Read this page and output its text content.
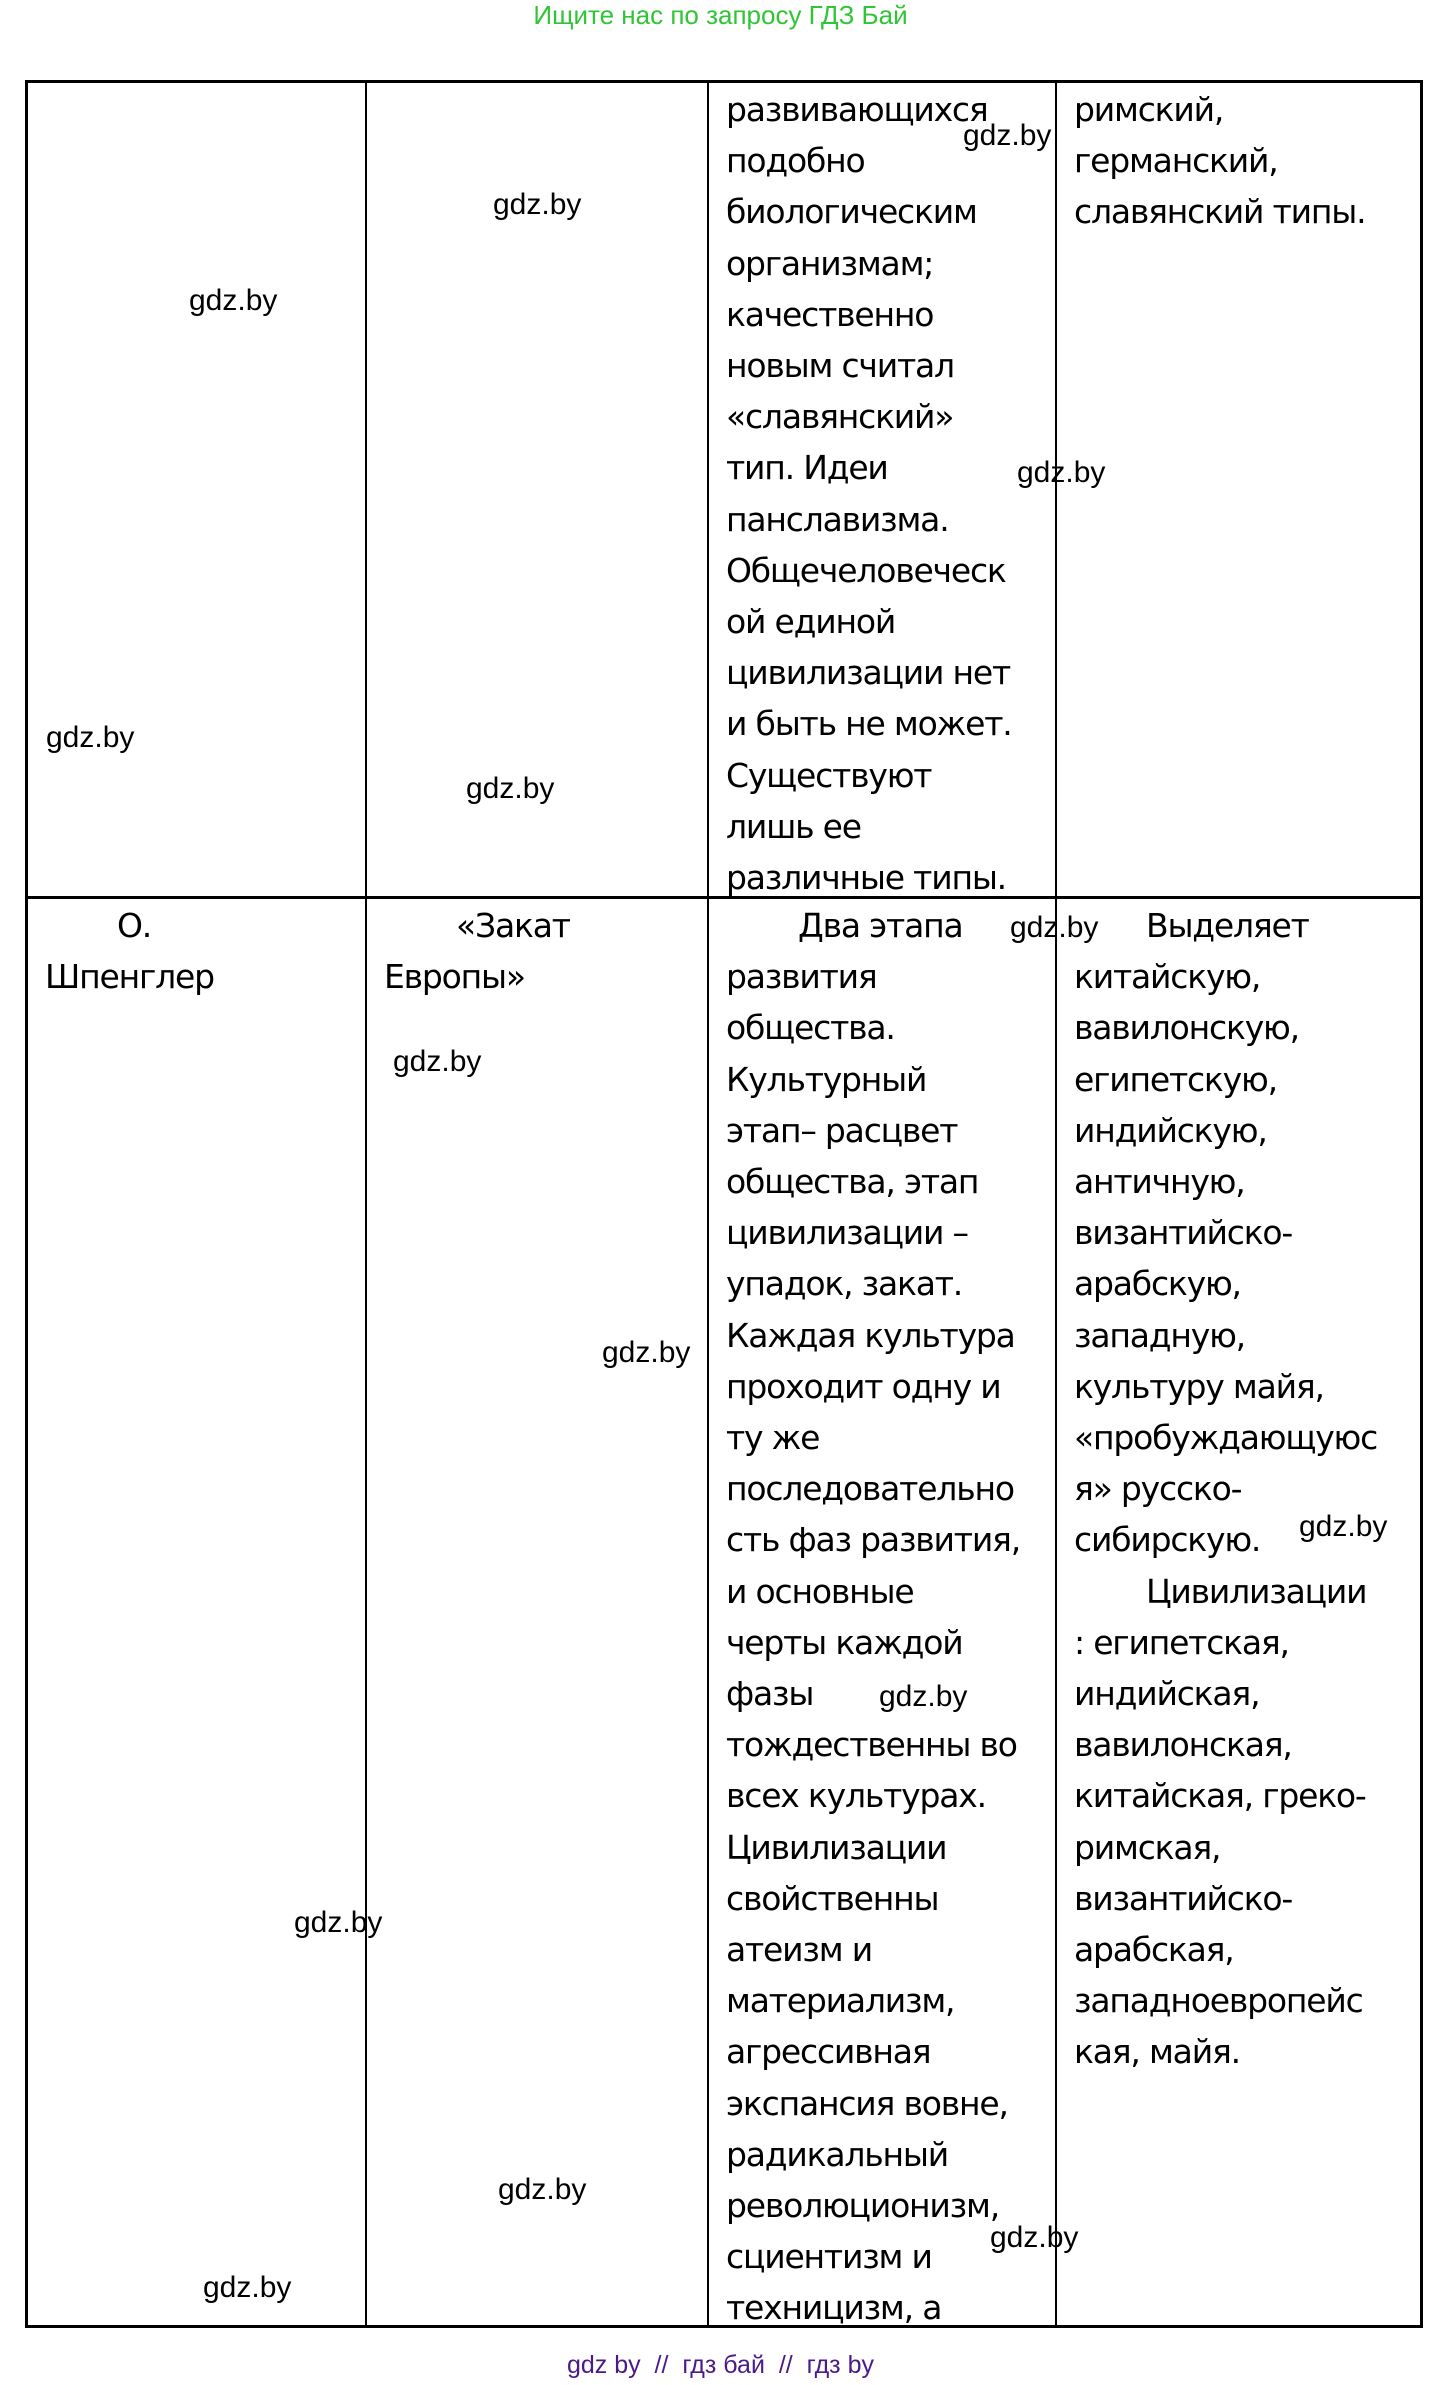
Ищите нас по запросу ГДЗ Бай
развивающихся
подобно
биологическим
организмам;
качественно
новым считал
«славянский»
тип. Идеи
панславизма.
Общечеловеческ
ой единой
цивилизации нет
и быть не может.
Существуют
лишь ее
различные типы.
римский,
германский,
славянский типы.
О.
Шпенглер
«Закат
Европы»
Два этапа
развития
общества.
Культурный
этап– расцвет
общества, этап
цивилизации –
упадок, закат.
Каждая культура
проходит одну и
ту же
последовательно
сть фаз развития,
и основные
черты каждой
фазы
тождественны во
всех культурах.
Цивилизации
свойственны
атеизм и
материализм,
агрессивная
экспансия вовне,
радикальный
революционизм,
сциентизм и
техницизм, а
Выделяет
китайскую,
вавилонскую,
египетскую,
индийскую,
античную,
византийско-
арабскую,
западную,
культуру майя,
«пробуждающуюс
я» русско-
сибирскую.
Цивилизации
: египетская,
индийская,
вавилонская,
китайская, греко-
римская,
византийско-
арабская,
западноевропейс
кая, майя.
gdz.by
gdz.by
gdz.by
gdz.by
gdz.by
gdz.by
gdz.by
gdz.by
gdz.by
gdz.by
gdz.by
gdz.by
gdz.by
gdz.by
gdz.by
gdz by  //  гдз бай  //  гдз by
